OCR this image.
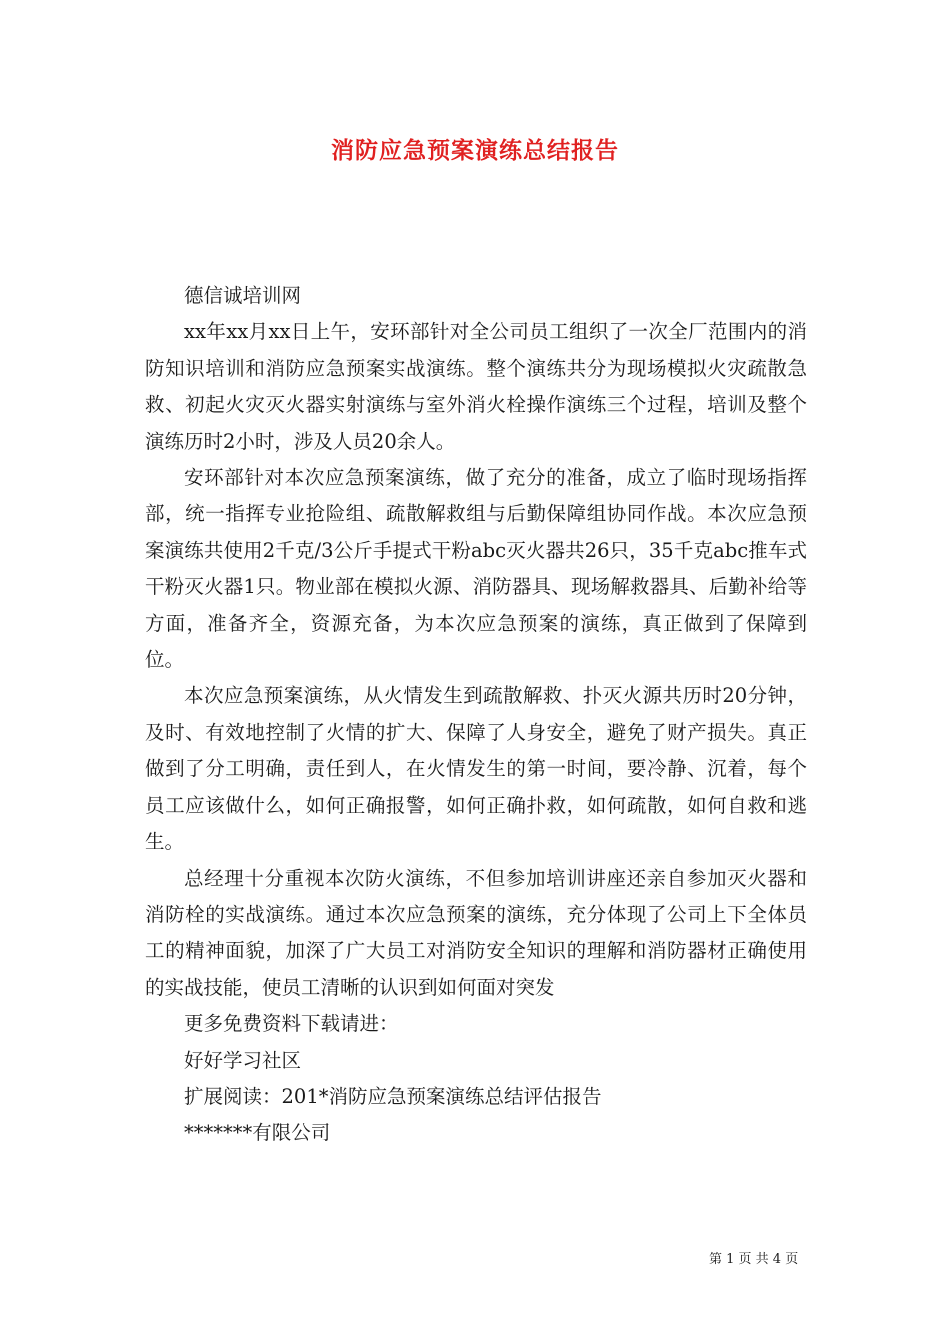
消防应急预案演练总结报告

德信诚培训网

xx年xx月xx日上午，安环部针对全公司员工组织了一次全厂范围内的消防知识培训和消防应急预案实战演练。整个演练共分为现场模拟火灾疏散急救、初起火灾灭火器实射演练与室外消火栓操作演练三个过程，培训及整个演练历时2小时，涉及人员20余人。

安环部针对本次应急预案演练，做了充分的准备，成立了临时现场指挥部，统一指挥专业抢险组、疏散解救组与后勤保障组协同作战。本次应急预案演练共使用2千克/3公斤手提式干粉abc灭火器共26只，35千克abc推车式干粉灭火器1只。物业部在模拟火源、消防器具、现场解救器具、后勤补给等方面，准备齐全，资源充备，为本次应急预案的演练，真正做到了保障到位。

本次应急预案演练，从火情发生到疏散解救、扑灭火源共历时20分钟，及时、有效地控制了火情的扩大、保障了人身安全，避免了财产损失。真正做到了分工明确，责任到人，在火情发生的第一时间，要冷静、沉着，每个员工应该做什么，如何正确报警，如何正确扑救，如何疏散，如何自救和逃生。

总经理十分重视本次防火演练，不但参加培训讲座还亲自参加灭火器和消防栓的实战演练。通过本次应急预案的演练，充分体现了公司上下全体员工的精神面貌，加深了广大员工对消防安全知识的理解和消防器材正确使用的实战技能，使员工清晰的认识到如何面对突发

更多免费资料下载请进：

好好学习社区

扩展阅读：201*消防应急预案演练总结评估报告

*******有限公司

第 1 页 共 4 页
